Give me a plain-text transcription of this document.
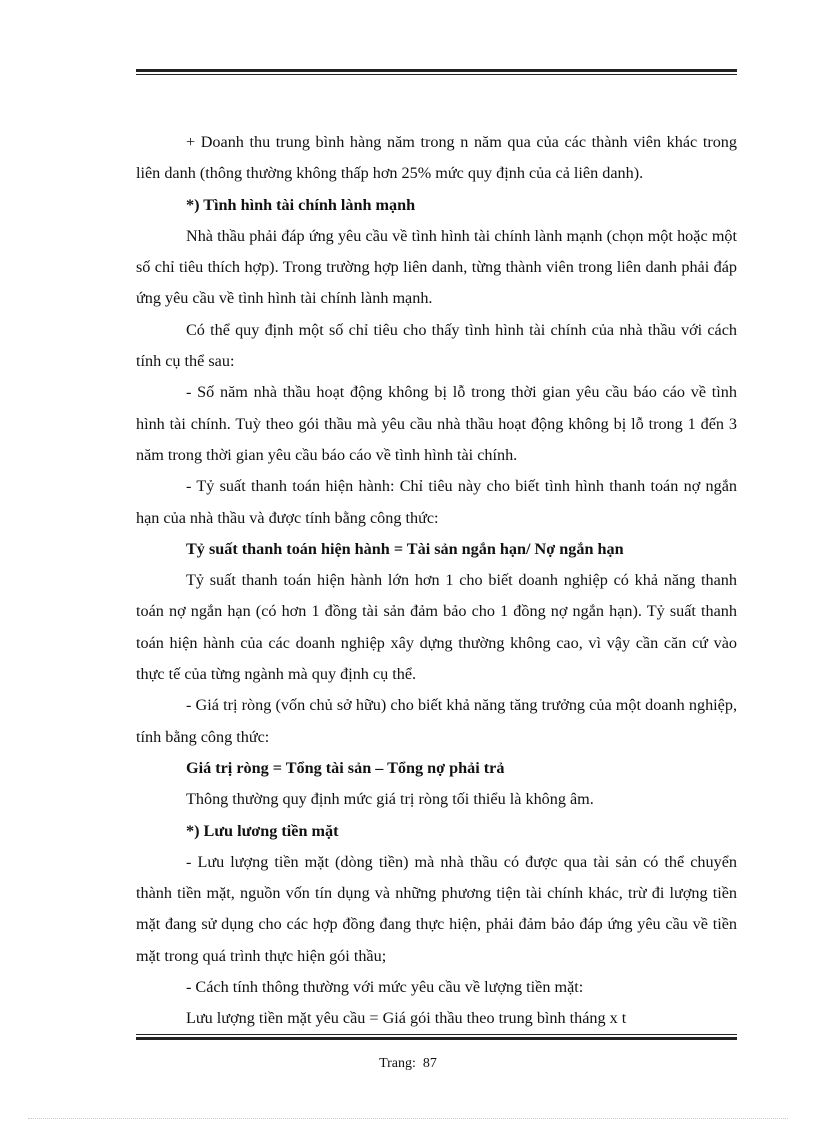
+ Doanh thu trung bình hàng năm trong n năm qua của các thành viên khác trong liên danh (thông thường không thấp hơn 25% mức quy định của cả liên danh).

*) Tình hình tài chính lành mạnh

Nhà thầu phải đáp ứng yêu cầu về tình hình tài chính lành mạnh (chọn một hoặc một số chỉ tiêu thích hợp). Trong trường hợp liên danh, từng thành viên trong liên danh phải đáp ứng yêu cầu về tình hình tài chính lành mạnh.

Có thể quy định một số chỉ tiêu cho thấy tình hình tài chính của nhà thầu với cách tính cụ thể sau:

- Số năm nhà thầu hoạt động không bị lỗ trong thời gian yêu cầu báo cáo về tình hình tài chính. Tuỳ theo gói thầu mà yêu cầu nhà thầu hoạt động không bị lỗ trong 1 đến 3 năm trong thời gian yêu cầu báo cáo về tình hình tài chính.

- Tỷ suất thanh toán hiện hành: Chỉ tiêu này cho biết tình hình thanh toán nợ ngắn hạn của nhà thầu và được tính bằng công thức:

Tỷ suất thanh toán hiện hành = Tài sản ngắn hạn/ Nợ ngắn hạn

Tỷ suất thanh toán hiện hành lớn hơn 1 cho biết doanh nghiệp có khả năng thanh toán nợ ngắn hạn (có hơn 1 đồng tài sản đảm bảo cho 1 đồng nợ ngắn hạn). Tỷ suất thanh toán hiện hành của các doanh nghiệp xây dựng thường không cao, vì vậy cần căn cứ vào thực tế của từng ngành mà quy định cụ thể.

- Giá trị ròng (vốn chủ sở hữu) cho biết khả năng tăng trưởng của một doanh nghiệp, tính bằng công thức:

Giá trị ròng = Tổng tài sản – Tổng nợ phải trả

Thông thường quy định mức giá trị ròng tối thiểu là không âm.

*) Lưu lương tiền mặt

- Lưu lượng tiền mặt (dòng tiền) mà nhà thầu có được qua tài sản có thể chuyển thành tiền mặt, nguồn vốn tín dụng và những phương tiện tài chính khác, trừ đi lượng tiền mặt đang sử dụng cho các hợp đồng đang thực hiện, phải đảm bảo đáp ứng yêu cầu về tiền mặt trong quá trình thực hiện gói thầu;

- Cách tính thông thường với mức yêu cầu về lượng tiền mặt:

Lưu lượng tiền mặt yêu cầu = Giá gói thầu theo trung bình tháng x t

Trang: 87
